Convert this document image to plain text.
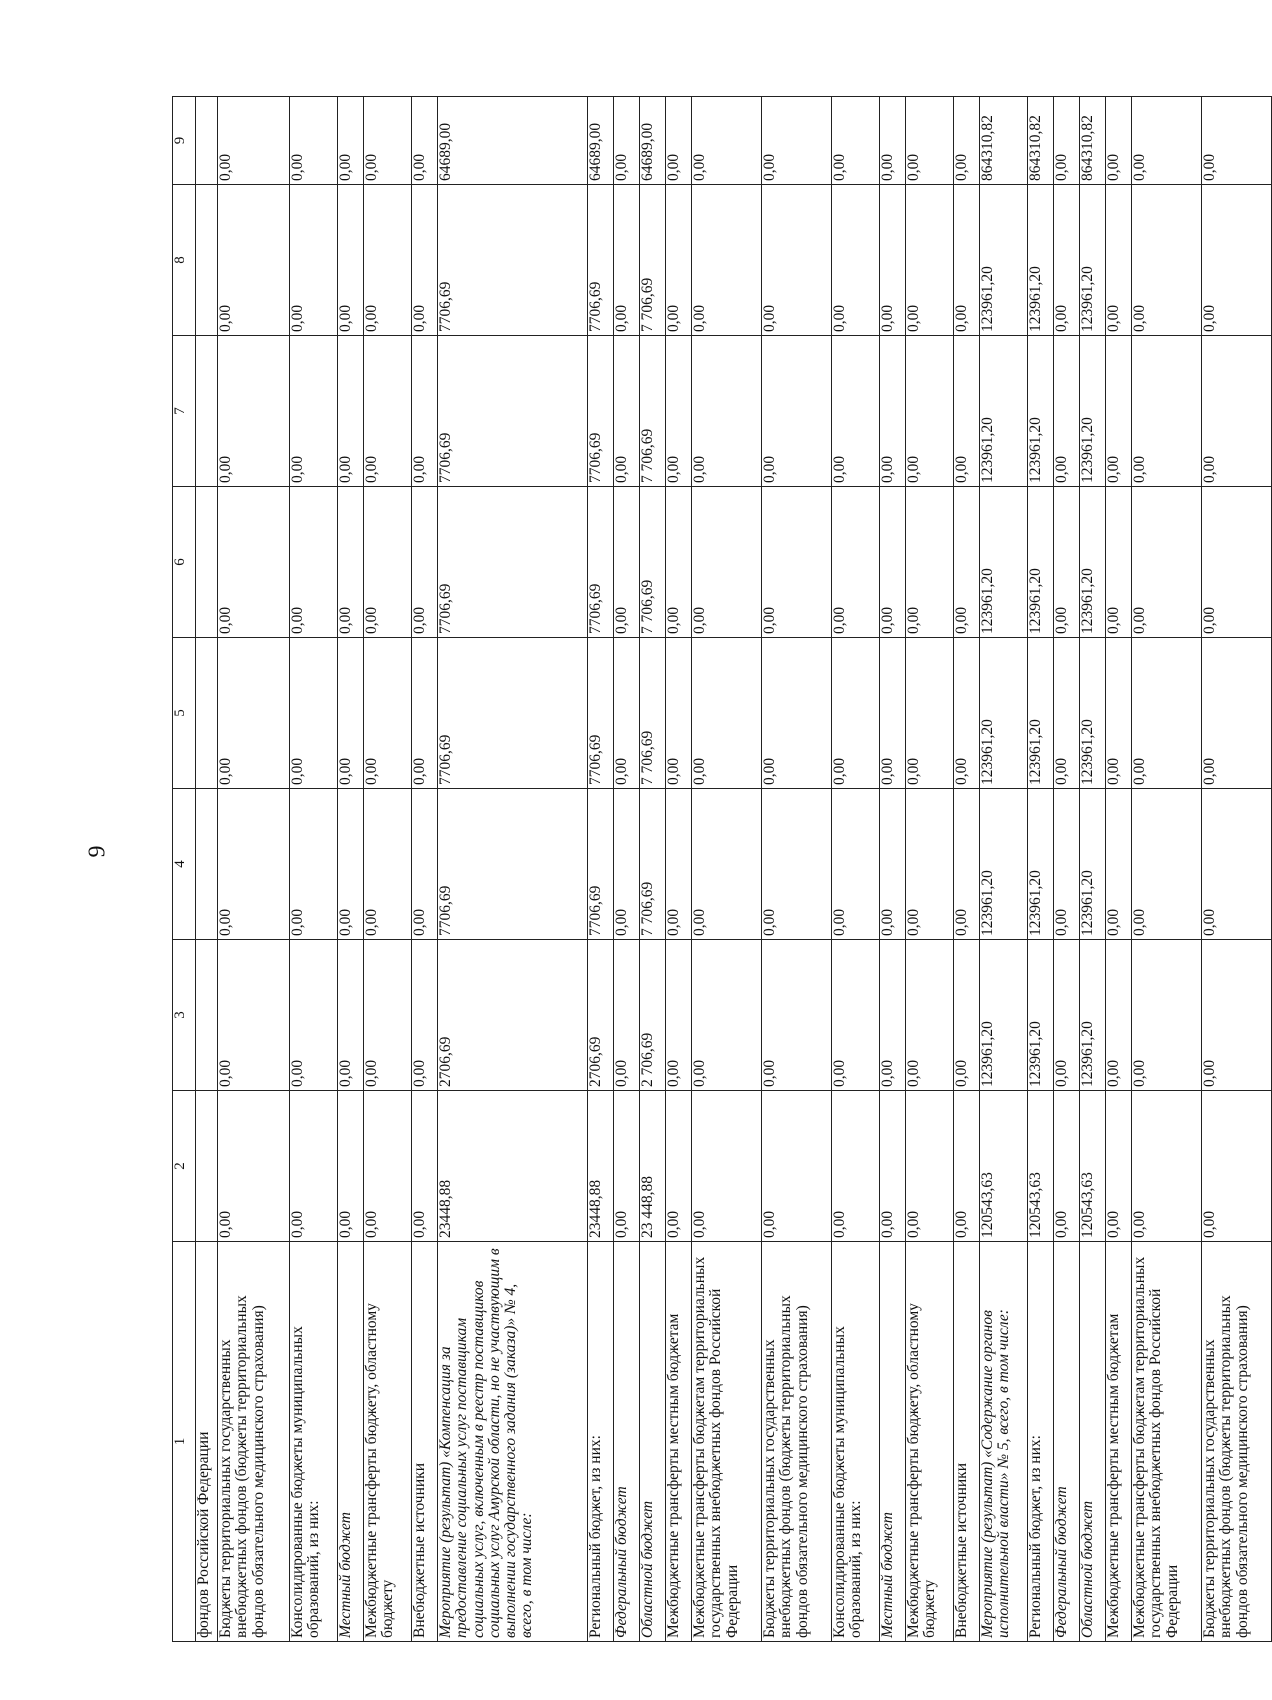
9
1	2	3	4	5	6	7	8	9
фондов Российской Федерации								
Бюджеты территориальных государственных внебюджетных фондов (бюджеты территориальных фондов обязательного медицинского страхования)	0,00	0,00	0,00	0,00	0,00	0,00	0,00	0,00
Консолидированные бюджеты муниципальных образований, из них:	0,00	0,00	0,00	0,00	0,00	0,00	0,00	0,00
Местный бюджет	0,00	0,00	0,00	0,00	0,00	0,00	0,00	0,00
Межбюджетные трансферты бюджету, областному бюджету	0,00	0,00	0,00	0,00	0,00	0,00	0,00	0,00
Внебюджетные источники	0,00	0,00	0,00	0,00	0,00	0,00	0,00	0,00
Мероприятие (результат) «Компенсация за предоставление социальных услуг поставщикам социальных услуг, включенным в реестр поставщиков социальных услуг Амурской области, но не участвующим в выполнении государственного задания (заказа)» № 4, всего, в том числе:	23448,88	2706,69	7706,69	7706,69	7706,69	7706,69	7706,69	64689,00
Региональный бюджет, из них:	23448,88	2706,69	7706,69	7706,69	7706,69	7706,69	7706,69	64689,00
Федеральный бюджет	0,00	0,00	0,00	0,00	0,00	0,00	0,00	0,00
Областной бюджет	23 448,88	2 706,69	7 706,69	7 706,69	7 706,69	7 706,69	7 706,69	64689,00
Межбюджетные трансферты местным бюджетам	0,00	0,00	0,00	0,00	0,00	0,00	0,00	0,00
Межбюджетные трансферты бюджетам территориальных государственных внебюджетных фондов Российской Федерации	0,00	0,00	0,00	0,00	0,00	0,00	0,00	0,00
Бюджеты территориальных государственных внебюджетных фондов (бюджеты территориальных фондов обязательного медицинского страхования)	0,00	0,00	0,00	0,00	0,00	0,00	0,00	0,00
Консолидированные бюджеты муниципальных образований, из них:	0,00	0,00	0,00	0,00	0,00	0,00	0,00	0,00
Местный бюджет	0,00	0,00	0,00	0,00	0,00	0,00	0,00	0,00
Межбюджетные трансферты бюджету, областному бюджету	0,00	0,00	0,00	0,00	0,00	0,00	0,00	0,00
Внебюджетные источники	0,00	0,00	0,00	0,00	0,00	0,00	0,00	0,00
Мероприятие (результат) «Содержание органов исполнительной власти» № 5, всего, в том числе:	120543,63	123961,20	123961,20	123961,20	123961,20	123961,20	123961,20	864310,82
Региональный бюджет, из них:	120543,63	123961,20	123961,20	123961,20	123961,20	123961,20	123961,20	864310,82
Федеральный бюджет	0,00	0,00	0,00	0,00	0,00	0,00	0,00	0,00
Областной бюджет	120543,63	123961,20	123961,20	123961,20	123961,20	123961,20	123961,20	864310,82
Межбюджетные трансферты местным бюджетам	0,00	0,00	0,00	0,00	0,00	0,00	0,00	0,00
Межбюджетные трансферты бюджетам территориальных государственных внебюджетных фондов Российской Федерации	0,00	0,00	0,00	0,00	0,00	0,00	0,00	0,00
Бюджеты территориальных государственных внебюджетных фондов (бюджеты территориальных фондов обязательного медицинского страхования)	0,00	0,00	0,00	0,00	0,00	0,00	0,00	0,00
